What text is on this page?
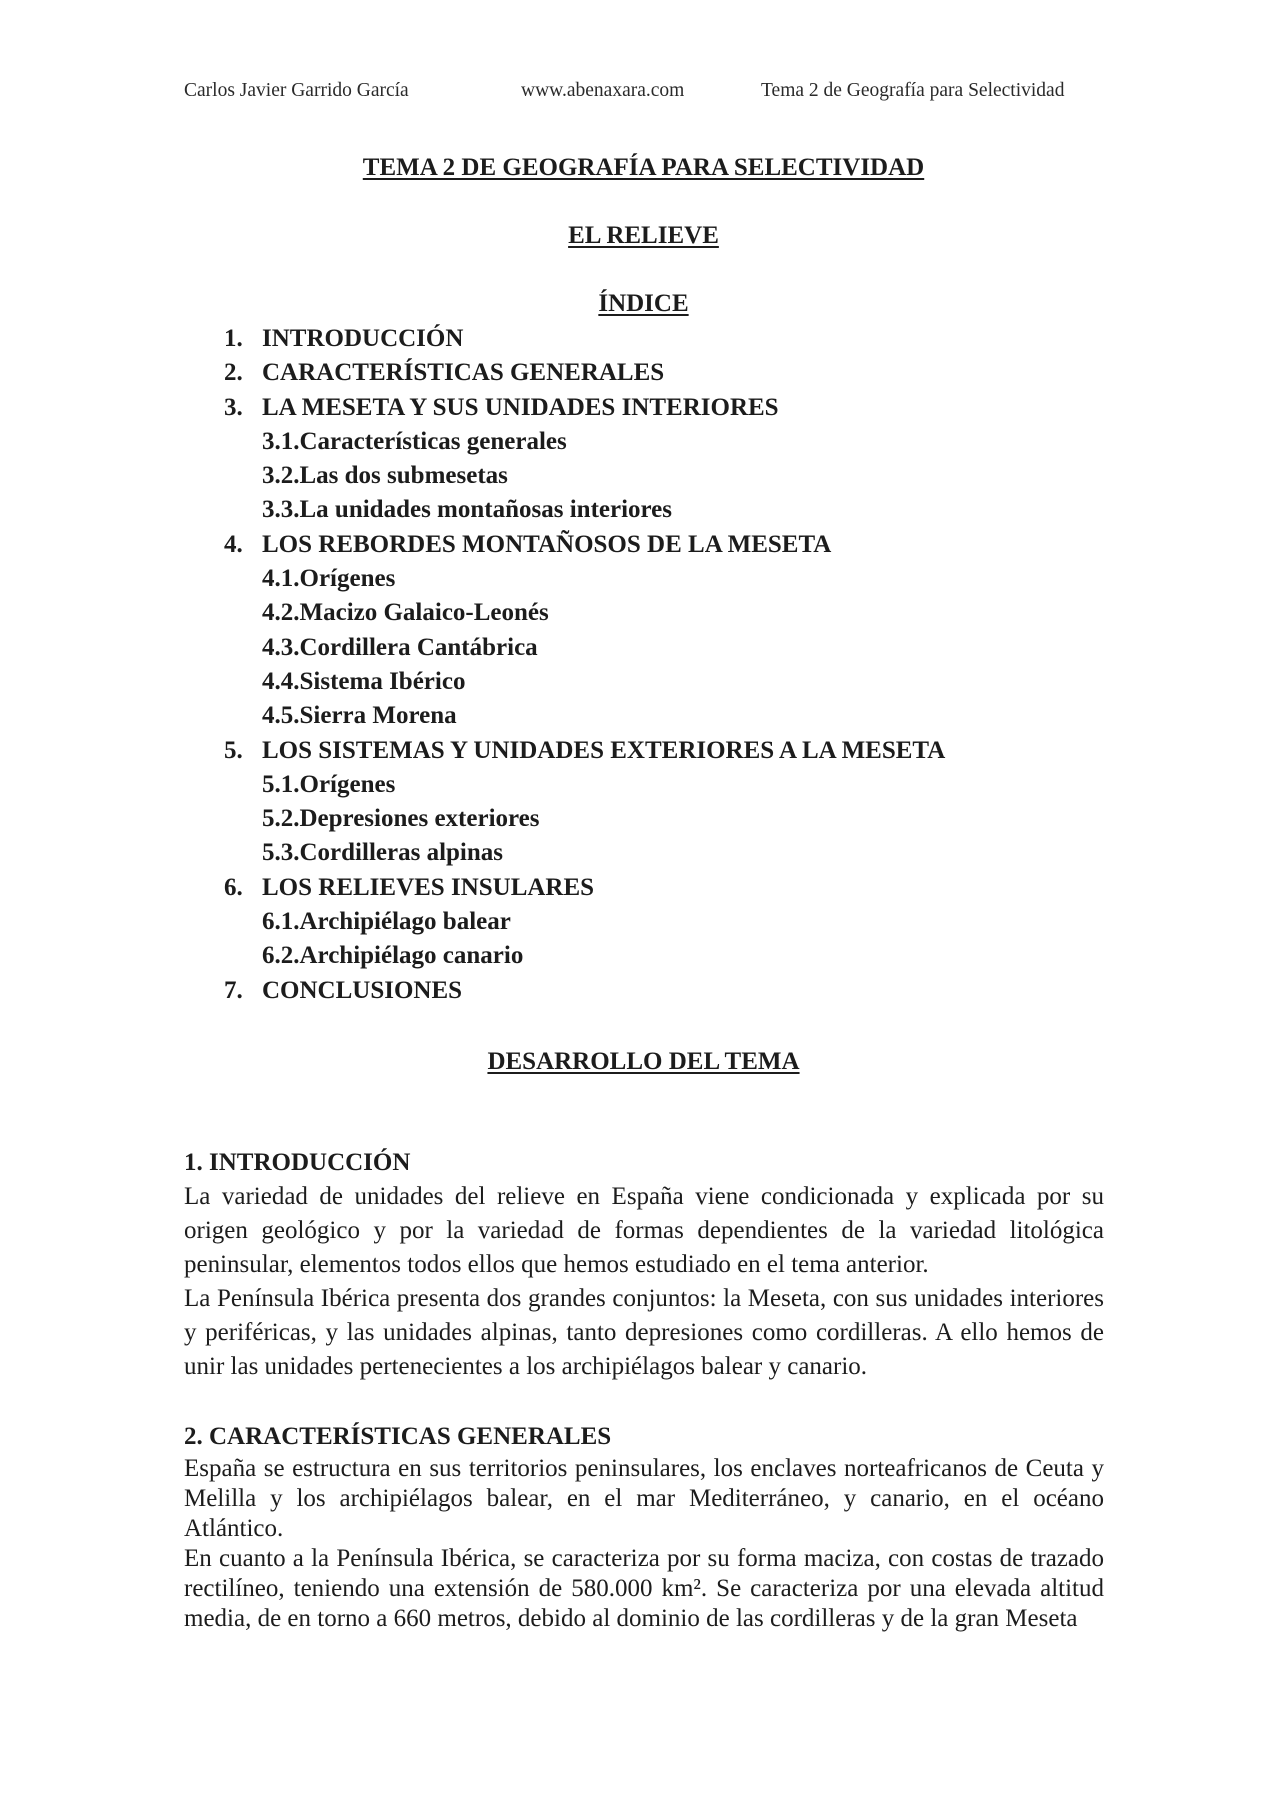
Carlos Javier Garrido García	www.abenaxara.com	Tema 2 de Geografía para Selectividad
TEMA 2 DE GEOGRAFÍA PARA SELECTIVIDAD
EL RELIEVE
ÍNDICE
1. INTRODUCCIÓN
2. CARACTERÍSTICAS GENERALES
3. LA MESETA Y SUS UNIDADES INTERIORES
3.1.Características generales
3.2.Las dos submesetas
3.3.La unidades montañosas interiores
4. LOS REBORDES MONTAÑOSOS DE LA MESETA
4.1.Orígenes
4.2.Macizo Galaico-Leonés
4.3.Cordillera Cantábrica
4.4.Sistema Ibérico
4.5.Sierra Morena
5. LOS SISTEMAS Y UNIDADES EXTERIORES A LA MESETA
5.1.Orígenes
5.2.Depresiones exteriores
5.3.Cordilleras alpinas
6. LOS RELIEVES INSULARES
6.1.Archipiélago balear
6.2.Archipiélago canario
7. CONCLUSIONES
DESARROLLO DEL TEMA

1. INTRODUCCIÓN

La variedad de unidades del relieve en España viene condicionada y explicada por su origen geológico y por la variedad de formas dependientes de la variedad litológica peninsular, elementos todos ellos que hemos estudiado en el tema anterior.

La Península Ibérica presenta dos grandes conjuntos: la Meseta, con sus unidades interiores y periféricas, y las unidades alpinas, tanto depresiones como cordilleras. A ello hemos de unir las unidades pertenecientes a los archipiélagos balear y canario.

2. CARACTERÍSTICAS GENERALES

España se estructura en sus territorios peninsulares, los enclaves norteafricanos de Ceuta y Melilla y los archipiélagos balear, en el mar Mediterráneo, y canario, en el océano Atlántico.

En cuanto a la Península Ibérica, se caracteriza por su forma maciza, con costas de trazado rectilíneo, teniendo una extensión de 580.000 km². Se caracteriza por una elevada altitud media, de en torno a 660 metros, debido al dominio de las cordilleras y de la gran Meseta
